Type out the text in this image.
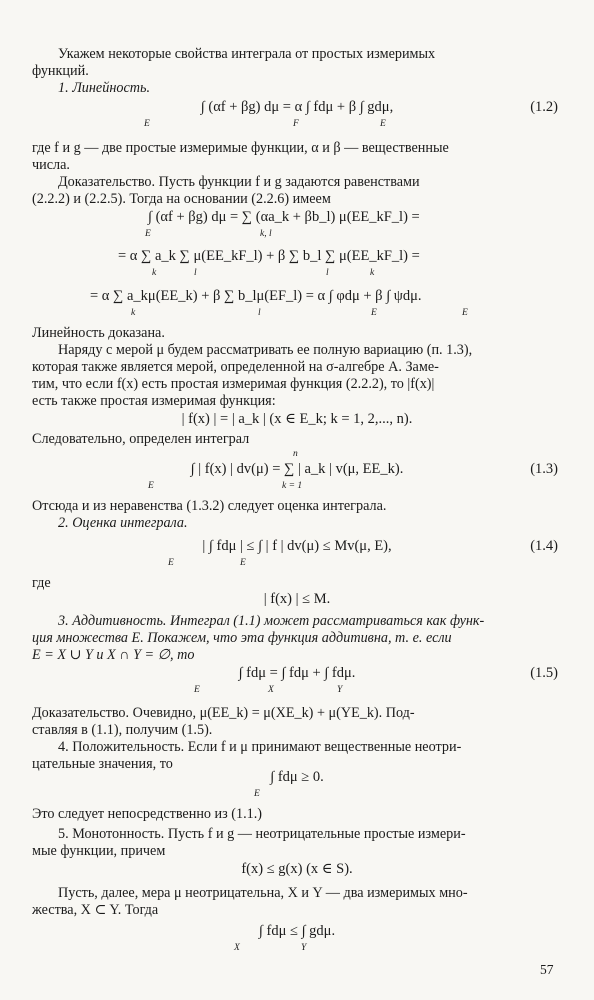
Укажем некоторые свойства интеграла от простых измеримых
функций.
1. Линейность.
∫ (αf + βg) dμ = α ∫ fdμ + β ∫ gdμ,	(1.2)
E	F	E
где f и g — две простые измеримые функции, α и β — вещественные
числа.
Доказательство. Пусть функции f и g задаются равенствами
(2.2.2) и (2.2.5). Тогда на основании (2.2.6) имеем
∫ (αf + βg) dμ = ∑ (αa_k + βb_l) μ(EE_kF_l) =
E	k, l
= α ∑ a_k ∑ μ(EE_kF_l) + β ∑ b_l ∑ μ(EE_kF_l) =
k	l	l	k
= α ∑ a_kμ(EE_k) + β ∑ b_lμ(EF_l) = α ∫ φdμ + β ∫ ψdμ.
k	l	E	E
Линейность доказана.
Наряду с мерой μ будем рассматривать ее полную вариацию (п. 1.3),
которая также является мерой, определенной на σ-алгебре A. Заме-
тим, что если f(x) есть простая измеримая функция (2.2.2), то |f(x)|
есть также простая измеримая функция:
| f(x) | = | a_k | (x ∈ E_k; k = 1, 2,..., n).
Следовательно, определен интеграл
∫ | f(x) | dv(μ) = ∑ | a_k | v(μ, EE_k).	(1.3)
E	k = 1
n
Отсюда и из неравенства (1.3.2) следует оценка интеграла.
2. Оценка интеграла.
| ∫ fdμ | ≤ ∫ | f | dv(μ) ≤ Mv(μ, E),	(1.4)
E	E
где
| f(x) | ≤ M.
3. Аддитивность. Интеграл (1.1) может рассматриваться как функ-
ция множества E. Покажем, что эта функция аддитивна, т. е. если
E = X ∪ Y и X ∩ Y = ∅, то
∫ fdμ = ∫ fdμ + ∫ fdμ.	(1.5)
E	X	Y
Доказательство. Очевидно, μ(EE_k) = μ(XE_k) + μ(YE_k). Под-
ставляя в (1.1), получим (1.5).
4. Положительность. Если f и μ принимают вещественные неотри-
цательные значения, то
∫ fdμ ≥ 0.
E
Это следует непосредственно из (1.1.)
5. Монотонность. Пусть f и g — неотрицательные простые измери-
мые функции, причем
f(x) ≤ g(x) (x ∈ S).
Пусть, далее, мера μ неотрицательна, X и Y — два измеримых мно-
жества, X ⊂ Y. Тогда
∫ fdμ ≤ ∫ gdμ.
X	Y
57
